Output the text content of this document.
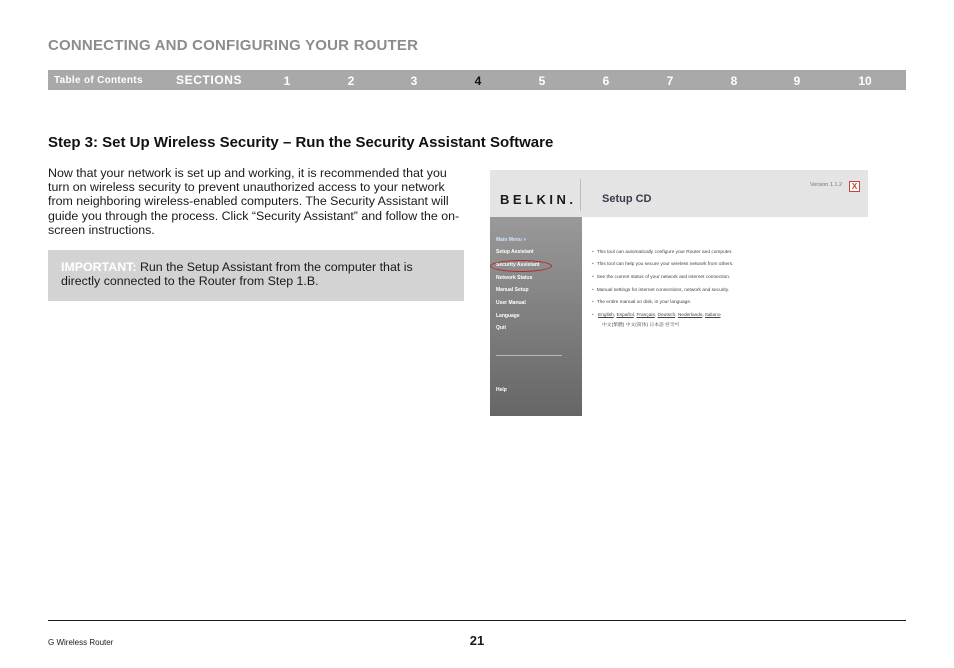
CONNECTING AND CONFIGURING YOUR ROUTER
Table of Contents	SECTIONS	1	2	3	4	5	6	7	8	9	10
Step 3: Set Up Wireless Security – Run the Security Assistant Software
Now that your network is set up and working, it is recommended that you turn on wireless security to prevent unauthorized access to your network from neighboring wireless-enabled computers. The Security Assistant will guide you through the process. Click “Security Assistant” and follow the on-screen instructions.
IMPORTANT: Run the Setup Assistant from the computer that is directly connected to the Router from Step 1.B.
BELKIN. Setup CD
Version 1.1.2	X
Main Menu »
Setup Assistant
Security Assistant
Network Status
Manual Setup
User Manual
Language
Quit
Help
• This tool can automatically configure your Router and computer.
• This tool can help you secure your wireless network from others.
• See the current status of your network and internet connection.
• Manual settings for internet connections, network and security.
• The entire manual on disk, in your language.
• English, Español, Français, Deutsch, Nederlands, Italiano
中文(繁體) 中文(简体) 日本語 한국어
G Wireless Router	21
